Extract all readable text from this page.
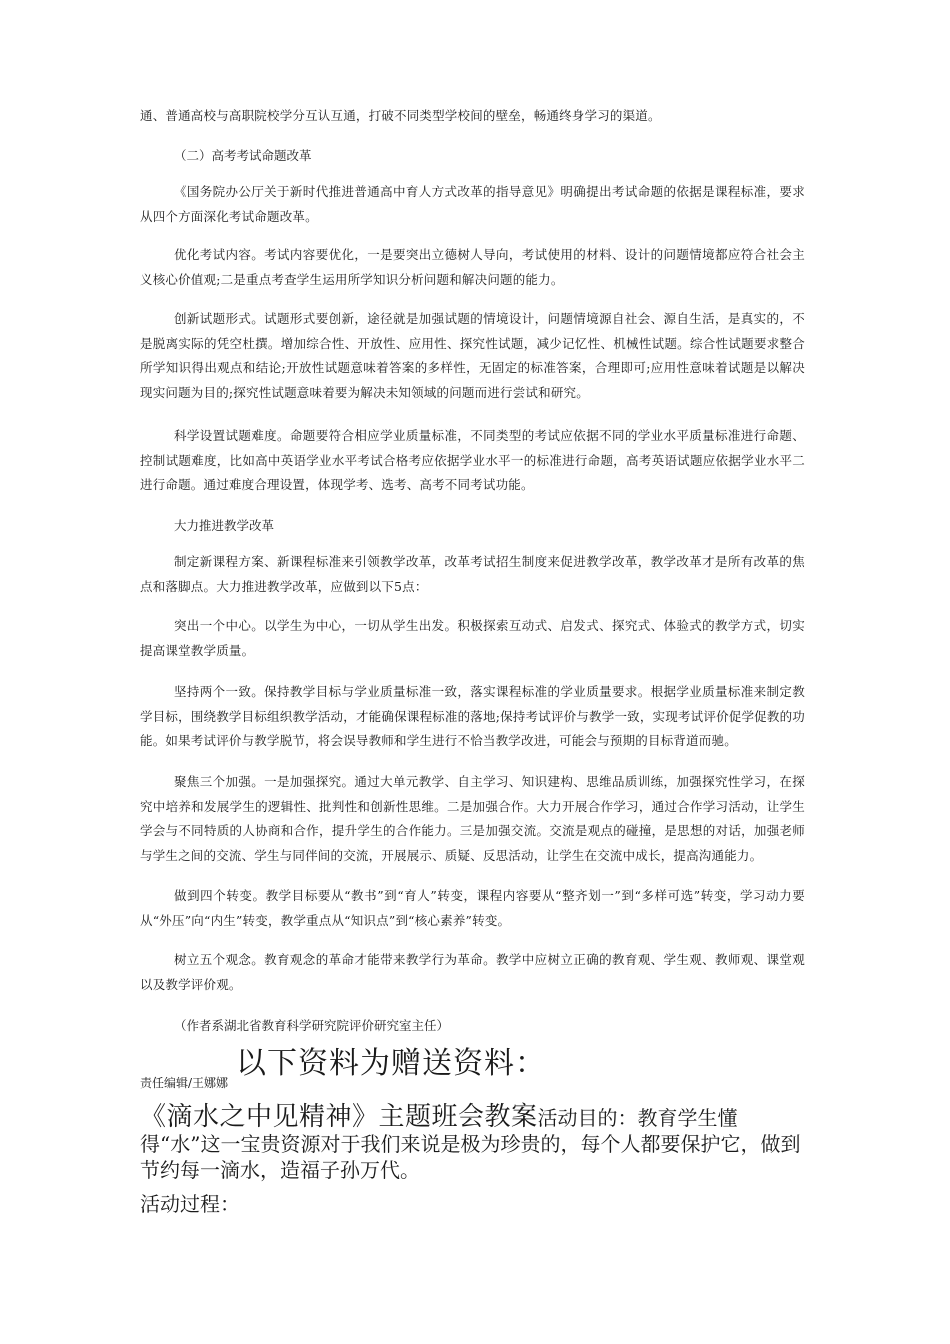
通、普通高校与高职院校学分互认互通，打破不同类型学校间的壁垒，畅通终身学习的渠道。

（二）高考考试命题改革

《国务院办公厅关于新时代推进普通高中育人方式改革的指导意见》明确提出考试命题的依据是课程标准，要求从四个方面深化考试命题改革。

优化考试内容。考试内容要优化，一是要突出立德树人导向，考试使用的材料、设计的问题情境都应符合社会主义核心价值观;二是重点考查学生运用所学知识分析问题和解决问题的能力。

创新试题形式。试题形式要创新，途径就是加强试题的情境设计，问题情境源自社会、源自生活，是真实的，不是脱离实际的凭空杜撰。增加综合性、开放性、应用性、探究性试题，减少记忆性、机械性试题。综合性试题要求整合所学知识得出观点和结论;开放性试题意味着答案的多样性，无固定的标准答案，合理即可;应用性意味着试题是以解决现实问题为目的;探究性试题意味着要为解决未知领域的问题而进行尝试和研究。

科学设置试题难度。命题要符合相应学业质量标准，不同类型的考试应依据不同的学业水平质量标准进行命题、控制试题难度，比如高中英语学业水平考试合格考应依据学业水平一的标准进行命题，高考英语试题应依据学业水平二进行命题。通过难度合理设置，体现学考、选考、高考不同考试功能。

大力推进教学改革

制定新课程方案、新课程标准来引领教学改革，改革考试招生制度来促进教学改革，教学改革才是所有改革的焦点和落脚点。大力推进教学改革，应做到以下5点：

突出一个中心。以学生为中心，一切从学生出发。积极探索互动式、启发式、探究式、体验式的教学方式，切实提高课堂教学质量。

坚持两个一致。保持教学目标与学业质量标准一致，落实课程标准的学业质量要求。根据学业质量标准来制定教学目标，围绕教学目标组织教学活动，才能确保课程标准的落地;保持考试评价与教学一致，实现考试评价促学促教的功能。如果考试评价与教学脱节，将会误导教师和学生进行不恰当教学改进，可能会与预期的目标背道而驰。

聚焦三个加强。一是加强探究。通过大单元教学、自主学习、知识建构、思维品质训练，加强探究性学习，在探究中培养和发展学生的逻辑性、批判性和创新性思维。二是加强合作。大力开展合作学习，通过合作学习活动，让学生学会与不同特质的人协商和合作，提升学生的合作能力。三是加强交流。交流是观点的碰撞，是思想的对话，加强老师与学生之间的交流、学生与同伴间的交流，开展展示、质疑、反思活动，让学生在交流中成长，提高沟通能力。

做到四个转变。教学目标要从“教书”到“育人”转变，课程内容要从“整齐划一”到“多样可选”转变，学习动力要从“外压”向“内生”转变，教学重点从“知识点”到“核心素养”转变。

树立五个观念。教育观念的革命才能带来教学行为革命。教学中应树立正确的教育观、学生观、教师观、课堂观以及教学评价观。

（作者系湖北省教育科学研究院评价研究室主任）

以下资料为赠送资料：

责任编辑/王娜娜

《滴水之中见精神》主题班会教案活动目的：教育学生懂得“水”这一宝贵资源对于我们来说是极为珍贵的，每个人都要保护它，做到节约每一滴水，造福子孙万代。

活动过程：
